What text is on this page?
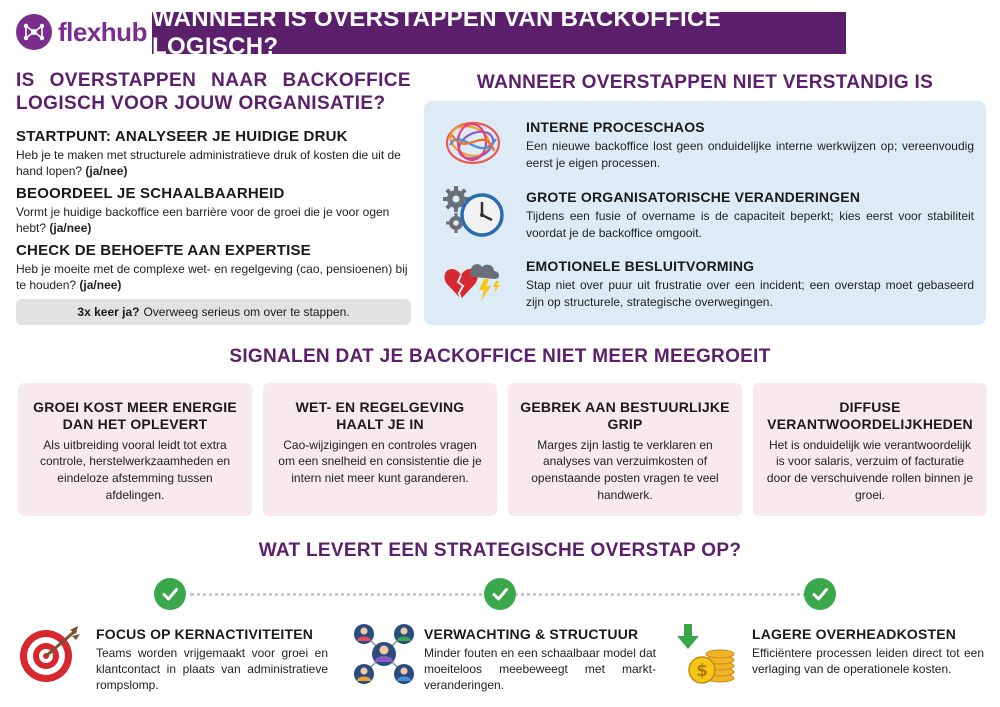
flexhub WANNEER IS OVERSTAPPEN VAN BACKOFFICE LOGISCH?
IS OVERSTAPPEN NAAR BACKOFFICE LOGISCH VOOR JOUW ORGANISATIE?
STARTPUNT: ANALYSEER JE HUIDIGE DRUK
Heb je te maken met structurele administratieve druk of kosten die uit de hand lopen? (ja/nee)
BEOORDEEL JE SCHAALBAARHEID
Vormt je huidige backoffice een barrière voor de groei die je voor ogen hebt? (ja/nee)
CHECK DE BEHOEFTE AAN EXPERTISE
Heb je moeite met de complexe wet- en regelgeving (cao, pensioenen) bij te houden? (ja/nee)
3x keer ja? Overweeg serieus om over te stappen.
WANNEER OVERSTAPPEN NIET VERSTANDIG IS
INTERNE PROCESCHAOS
Een nieuwe backoffice lost geen onduidelijke interne werkwijzen op; vereenvoudig eerst je eigen processen.
GROTE ORGANISATORISCHE VERANDERINGEN
Tijdens een fusie of overname is de capaciteit beperkt; kies eerst voor stabiliteit voordat je de backoffice omgooit.
EMOTIONELE BESLUITVORMING
Stap niet over puur uit frustratie over een incident; een overstap moet gebaseerd zijn op structurele, strategische overwegingen.
SIGNALEN DAT JE BACKOFFICE NIET MEER MEEGROEIT
GROEI KOST MEER ENERGIE DAN HET OPLEVERT
Als uitbreiding vooral leidt tot extra controle, herstelwerkzaamheden en eindeloze afstemming tussen afdelingen.
WET- EN REGELGEVING HAALT JE IN
Cao-wijzigingen en controles vragen om een snelheid en consistentie die je intern niet meer kunt garanderen.
GEBREK AAN BESTUURLIJKE GRIP
Marges zijn lastig te verklaren en analyses van verzuimkosten of openstaande posten vragen te veel handwerk.
DIFFUSE VERANTWOORDELIJKHEDEN
Het is onduidelijk wie verantwoordelijk is voor salaris, verzuim of facturatie door de verschuivende rollen binnen je groei.
WAT LEVERT EEN STRATEGISCHE OVERSTAP OP?
FOCUS OP KERNACTIVITEITEN
Teams worden vrijgemaakt voor groei en klantcontact in plaats van administratieve rompslomp.
VERWACHTING & STRUCTUUR
Minder fouten en een schaalbaar model dat moeiteloos meebeweegt met markt-veranderingen.
$
LAGERE OVERHEADKOSTEN
Efficiëntere processen leiden direct tot een verlaging van de operationele kosten.
